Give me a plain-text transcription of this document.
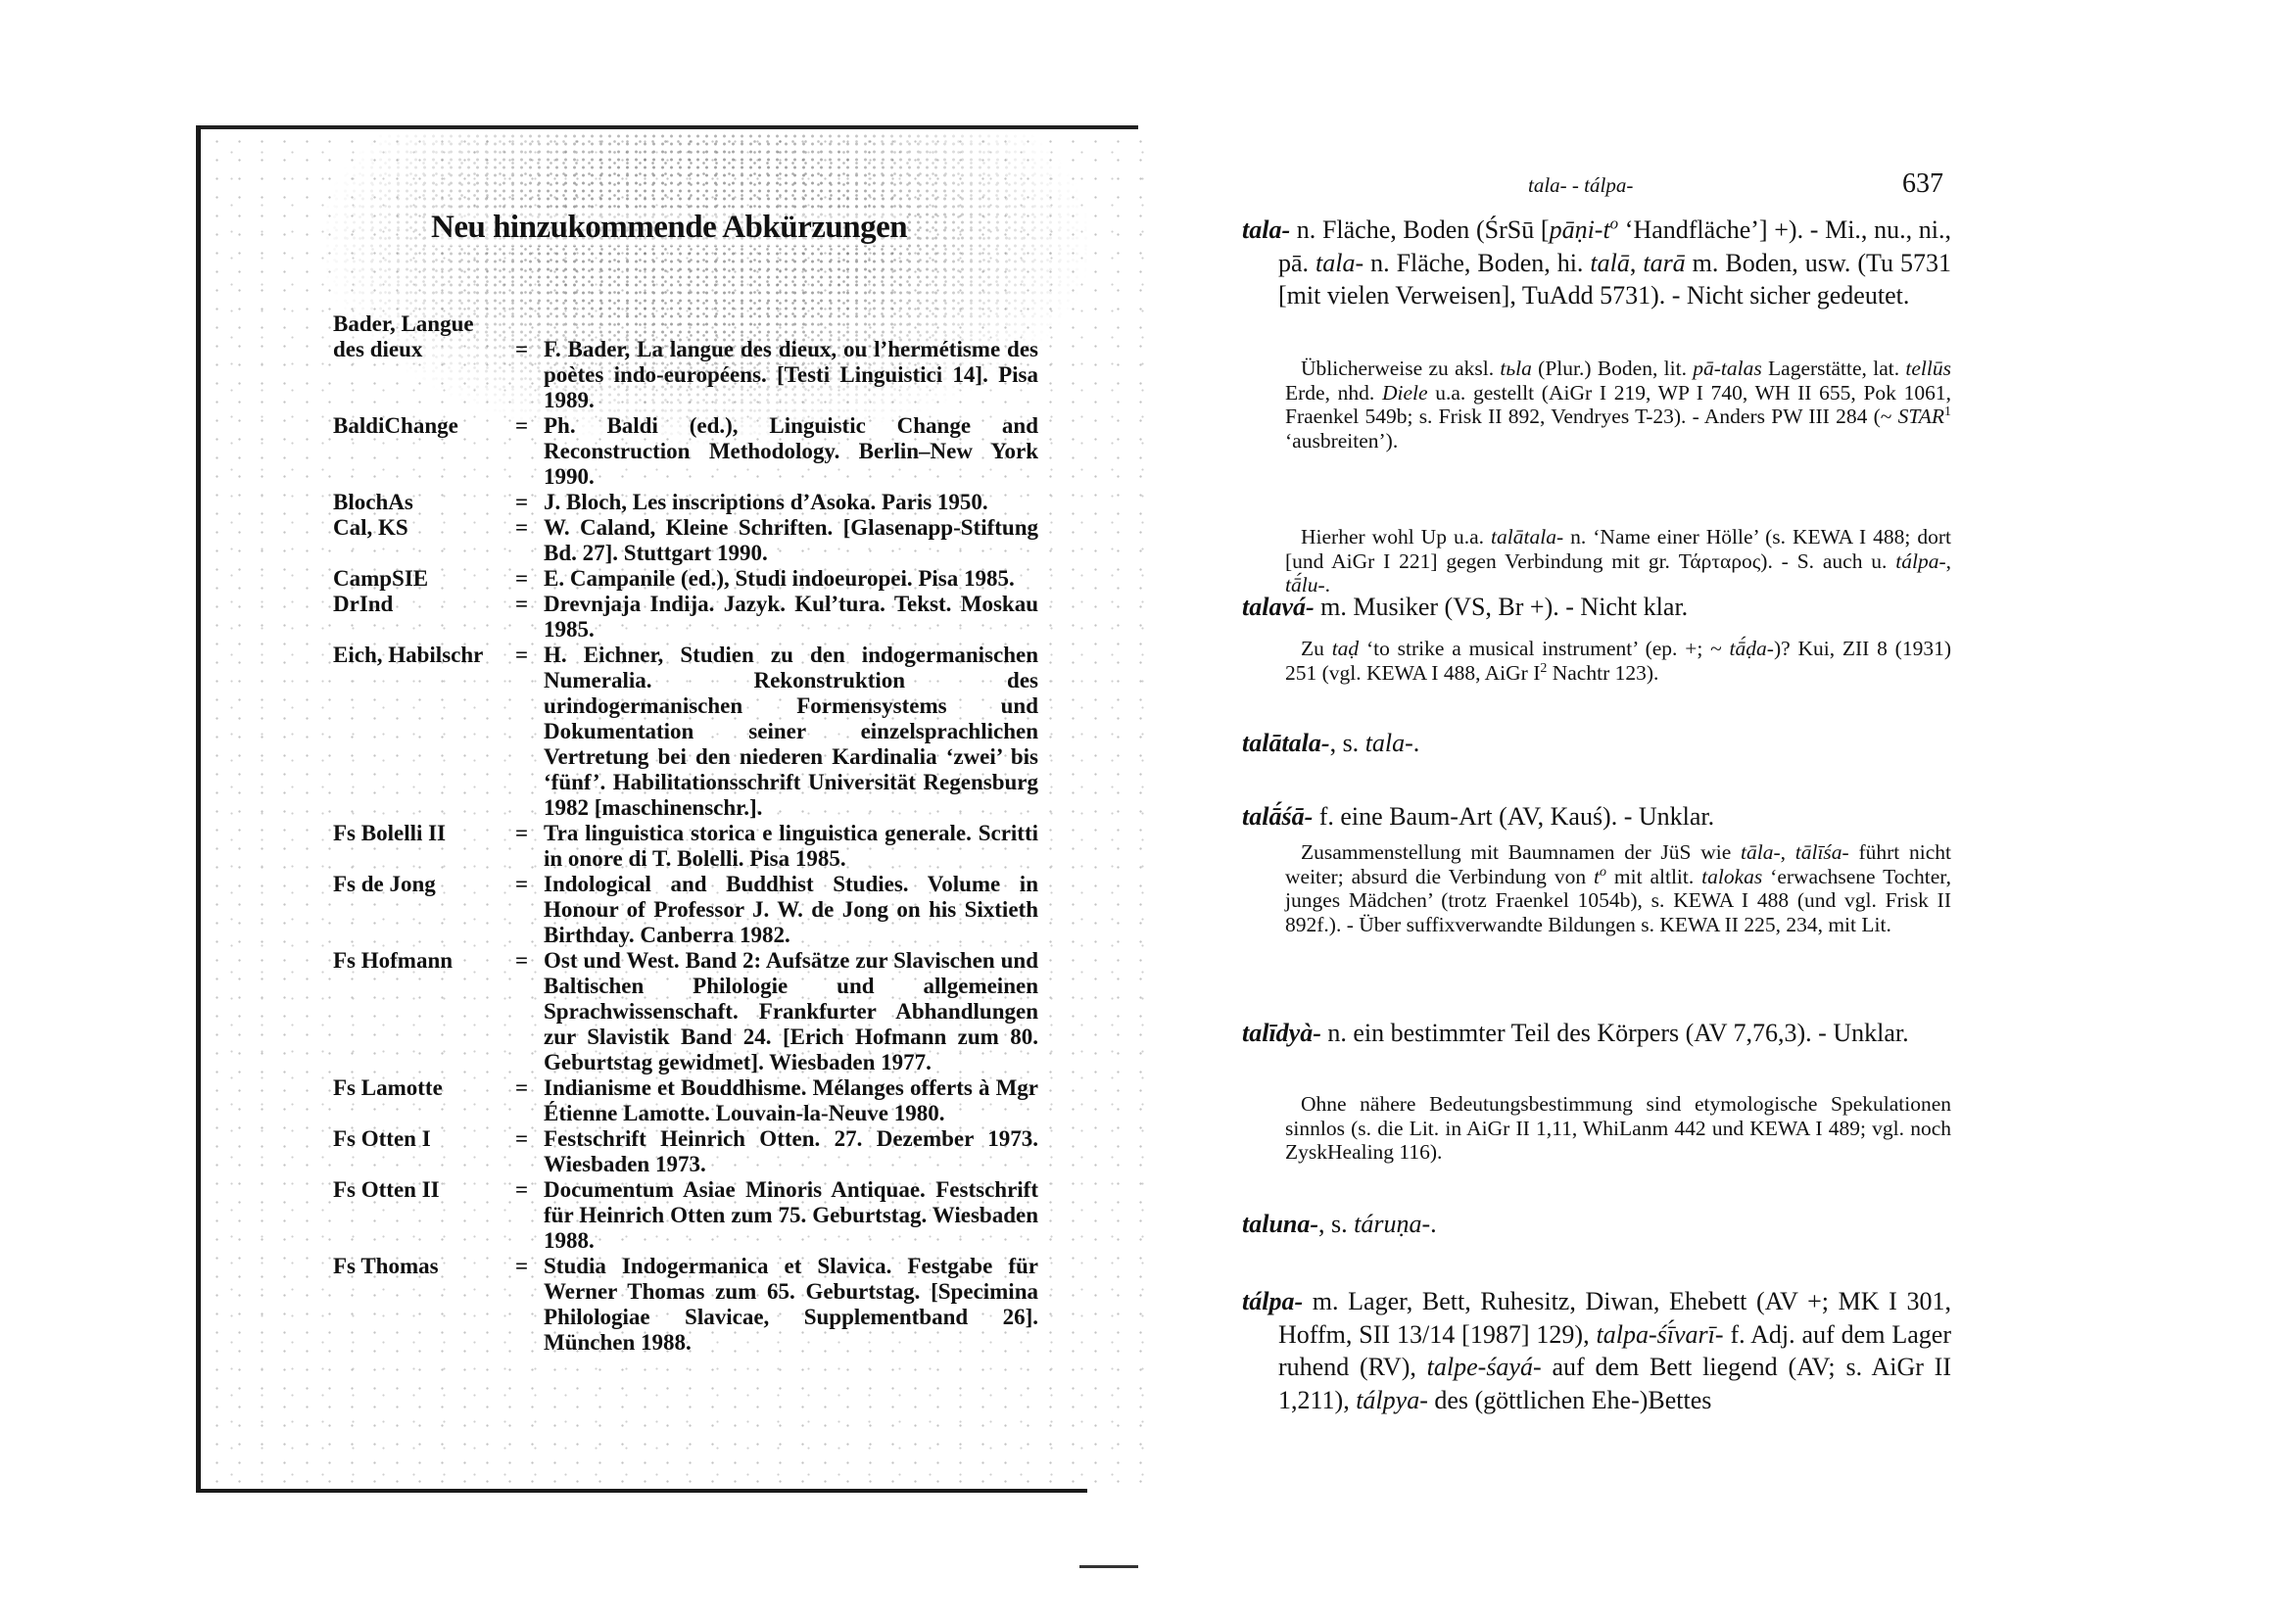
Neu hinzukommende Abkürzungen
Bader, Langue des dieux	= F. Bader, La langue des dieux, ou l’hermétisme des poètes indo-européens. [Testi Linguistici 14]. Pisa 1989.
BaldiChange	= Ph. Baldi (ed.), Linguistic Change and Reconstruction Methodology. Berlin–New York 1990.
BlochAs	= J. Bloch, Les inscriptions d’Asoka. Paris 1950.
Cal, KS	= W. Caland, Kleine Schriften. [Glasenapp-Stiftung Bd. 27]. Stuttgart 1990.
CampSIE	= E. Campanile (ed.), Studi indoeuropei. Pisa 1985.
DrInd	= Drevnjaja Indija. Jazyk. Kul’tura. Tekst. Moskau 1985.
Eich, Habilschr	= H. Eichner, Studien zu den indogermanischen Numeralia. Rekonstruktion des urindogermanischen Formensystems und Dokumentation seiner einzelsprachlichen Vertretung bei den niederen Kardinalia ‘zwei’ bis ‘fünf’. Habilitationsschrift Universität Regensburg 1982 [maschinenschr.].
Fs Bolelli II	= Tra linguistica storica e linguistica generale. Scritti in onore di T. Bolelli. Pisa 1985.
Fs de Jong	= Indological and Buddhist Studies. Volume in Honour of Professor J. W. de Jong on his Sixtieth Birthday. Canberra 1982.
Fs Hofmann	= Ost und West. Band 2: Aufsätze zur Slavischen und Baltischen Philologie und allgemeinen Sprachwissenschaft. Frankfurter Abhandlungen zur Slavistik Band 24. [Erich Hofmann zum 80. Geburtstag gewidmet]. Wiesbaden 1977.
Fs Lamotte	= Indianisme et Bouddhisme. Mélanges offerts à Mgr Étienne Lamotte. Louvain-la-Neuve 1980.
Fs Otten I	= Festschrift Heinrich Otten. 27. Dezember 1973. Wiesbaden 1973.
Fs Otten II	= Documentum Asiae Minoris Antiquae. Festschrift für Heinrich Otten zum 75. Geburtstag. Wiesbaden 1988.
Fs Thomas	= Studia Indogermanica et Slavica. Festgabe für Werner Thomas zum 65. Geburtstag. [Specimina Philologiae Slavicae, Supplementband 26]. München 1988.
tala- - tálpa-	637
tala- n. Fläche, Boden (ŚrSū [$pāṇi-t^o$ ‘Handfläche’] +). - Mi., nu., ni., pā. tala- n. Fläche, Boden, hi. talā, tarā m. Boden, usw. (Tu 5731 [mit vielen Verweisen], TuAdd 5731). - Nicht sicher gedeutet.
Üblicherweise zu aksl. tьla (Plur.) Boden, lit. pā-talas Lagerstätte, lat. tellūs Erde, nhd. Diele u.a. gestellt (AiGr I 219, WP I 740, WH II 655, Pok 1061, Fraenkel 549b; s. Frisk II 892, Vendryes T-23). - Anders PW III 284 (~ STAR$^1$ ‘ausbreiten’).
Hierher wohl Up u.a. talātala- n. ‘Name einer Hölle’ (s. KEWA I 488; dort [und AiGr I 221] gegen Verbindung mit gr. Τάρταρος). - S. auch u. tálpa-, tā́lu-.
talavá- m. Musiker (VS, Br +). - Nicht klar.
Zu taḍ ‘to strike a musical instrument’ (ep. +; ~ tā́ḍa-)? Kui, ZII 8 (1931) 251 (vgl. KEWA I 488, AiGr $I^2$ Nachtr 123).
talātala-, s. tala-.
talā́śā- f. eine Baum-Art (AV, Kauś). - Unklar.
Zusammenstellung mit Baumnamen der JüS wie tāla-, tālīśa- führt nicht weiter; absurd die Verbindung von $t^o$ mit altlit. talokas ‘erwachsene Tochter, junges Mädchen’ (trotz Fraenkel 1054b), s. KEWA I 488 (und vgl. Frisk II 892f.). - Über suffixverwandte Bildungen s. KEWA II 225, 234, mit Lit.
talīdyà- n. ein bestimmter Teil des Körpers (AV 7,76,3). - Unklar.
Ohne nähere Bedeutungsbestimmung sind etymologische Spekulationen sinnlos (s. die Lit. in AiGr II 1,11, WhiLanm 442 und KEWA I 489; vgl. noch ZyskHealing 116).
taluna-, s. táruṇa-.
tálpa- m. Lager, Bett, Ruhesitz, Diwan, Ehebett (AV +; MK I 301, Hoffm, SII 13/14 [1987] 129), talpa-śī́varī- f. Adj. auf dem Lager ruhend (RV), talpe-śayá- auf dem Bett liegend (AV; s. AiGr II 1,211), tálpya- des (göttlichen Ehe-)Bettes
